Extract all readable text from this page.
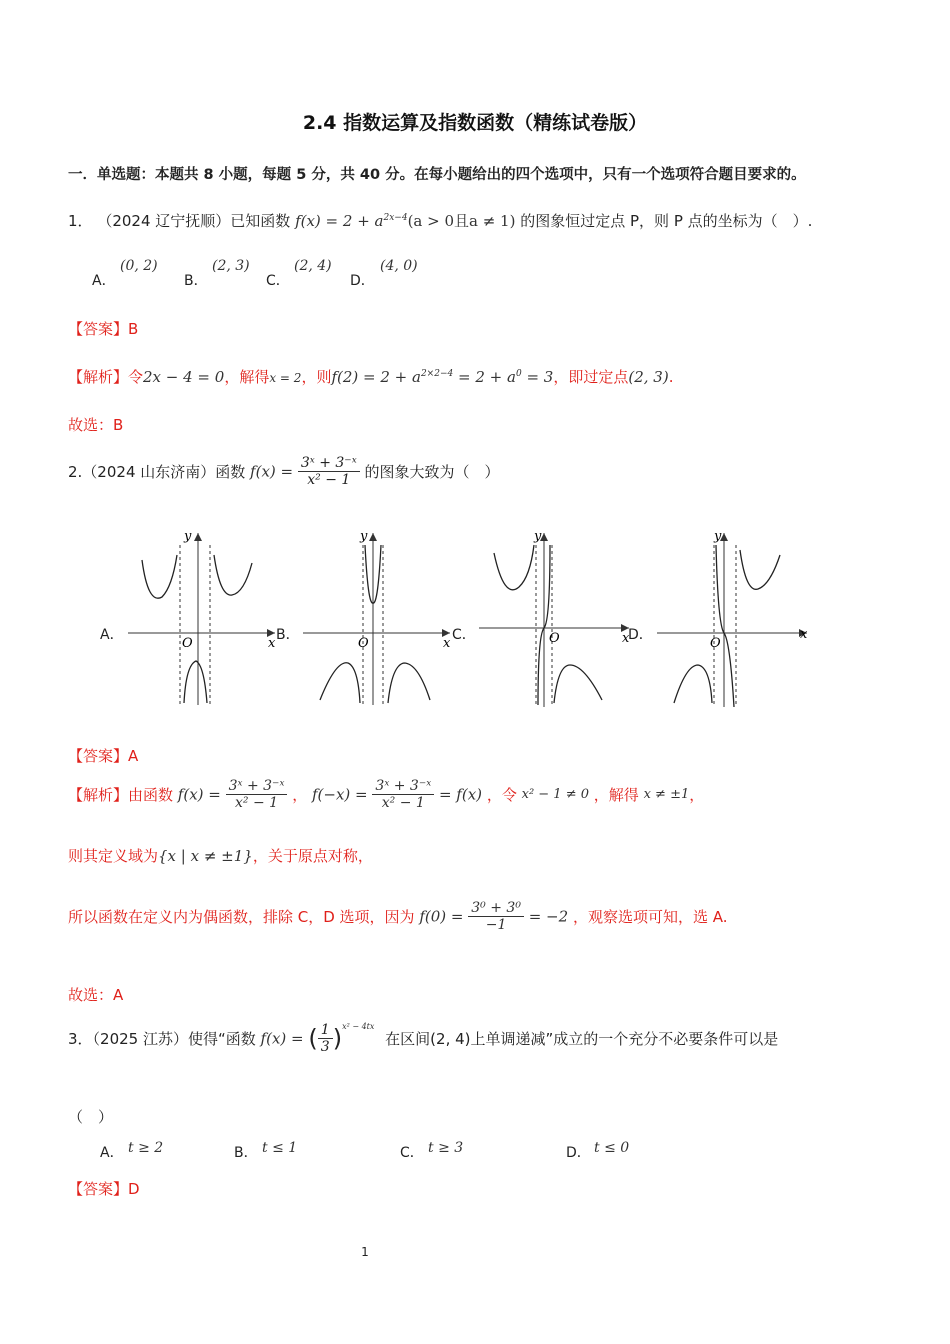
2.4 指数运算及指数函数（精练试卷版）
一．单选题：本题共 8 小题，每题 5 分，共 40 分。在每小题给出的四个选项中，只有一个选项符合题目要求的。
1． （2024 辽宁抚顺）已知函数 $f(x) = 2 + a^{2x-4}(a > 0$且a ≠ 1) 的图象恒过定点 P，则 P 点的坐标为（　）.
A．
(0, 2)
B．
(2, 3)
C．
(2, 4)
D．
(4, 0)
【答案】B
【解析】令2x − 4 = 0，解得x = 2，则$f(2) = 2 + a^{2\times 2-4} = 2 + a^0 = 3$，即过定点(2, 3).
故选：B
2.（2024 山东济南）函数 $f(x) = \frac{\text{3ˣ + 3⁻ˣ}}{\text{x² − 1}}$ 的图象大致为（　）
A．	B．	C．	D．
x
y
O	x
y
O	x
y
O	x
y
O
【答案】A
【解析】由函数 $f(x) = \frac{\text{3ˣ + 3⁻ˣ}}{\text{x² − 1}}$ ， $f(-x) = \frac{\text{3ˣ + 3⁻ˣ}}{\text{x² − 1}} = f(x)$ ，令 x² − 1 ≠ 0 ，解得 x ≠ ±1，
则其定义域为{x | x ≠ ±1}，关于原点对称，
所以函数在定义内为偶函数，排除 C，D 选项，因为 $f(0) = \frac{\text{3⁰ + 3⁰}}{-1} = -2$ ，观察选项可知，选 A.
故选：A
3．（2025 江苏）使得“函数 f(x) = ( $\frac{1}{3} )^{x^2 - 4tx}$ 在区间(2, 4)上单调递减”成立的一个充分不必要条件可以是
（　）
A． t ≥ 2	B． t ≤ 1	C． t ≥ 3	D． t ≤ 0
【答案】D
1
